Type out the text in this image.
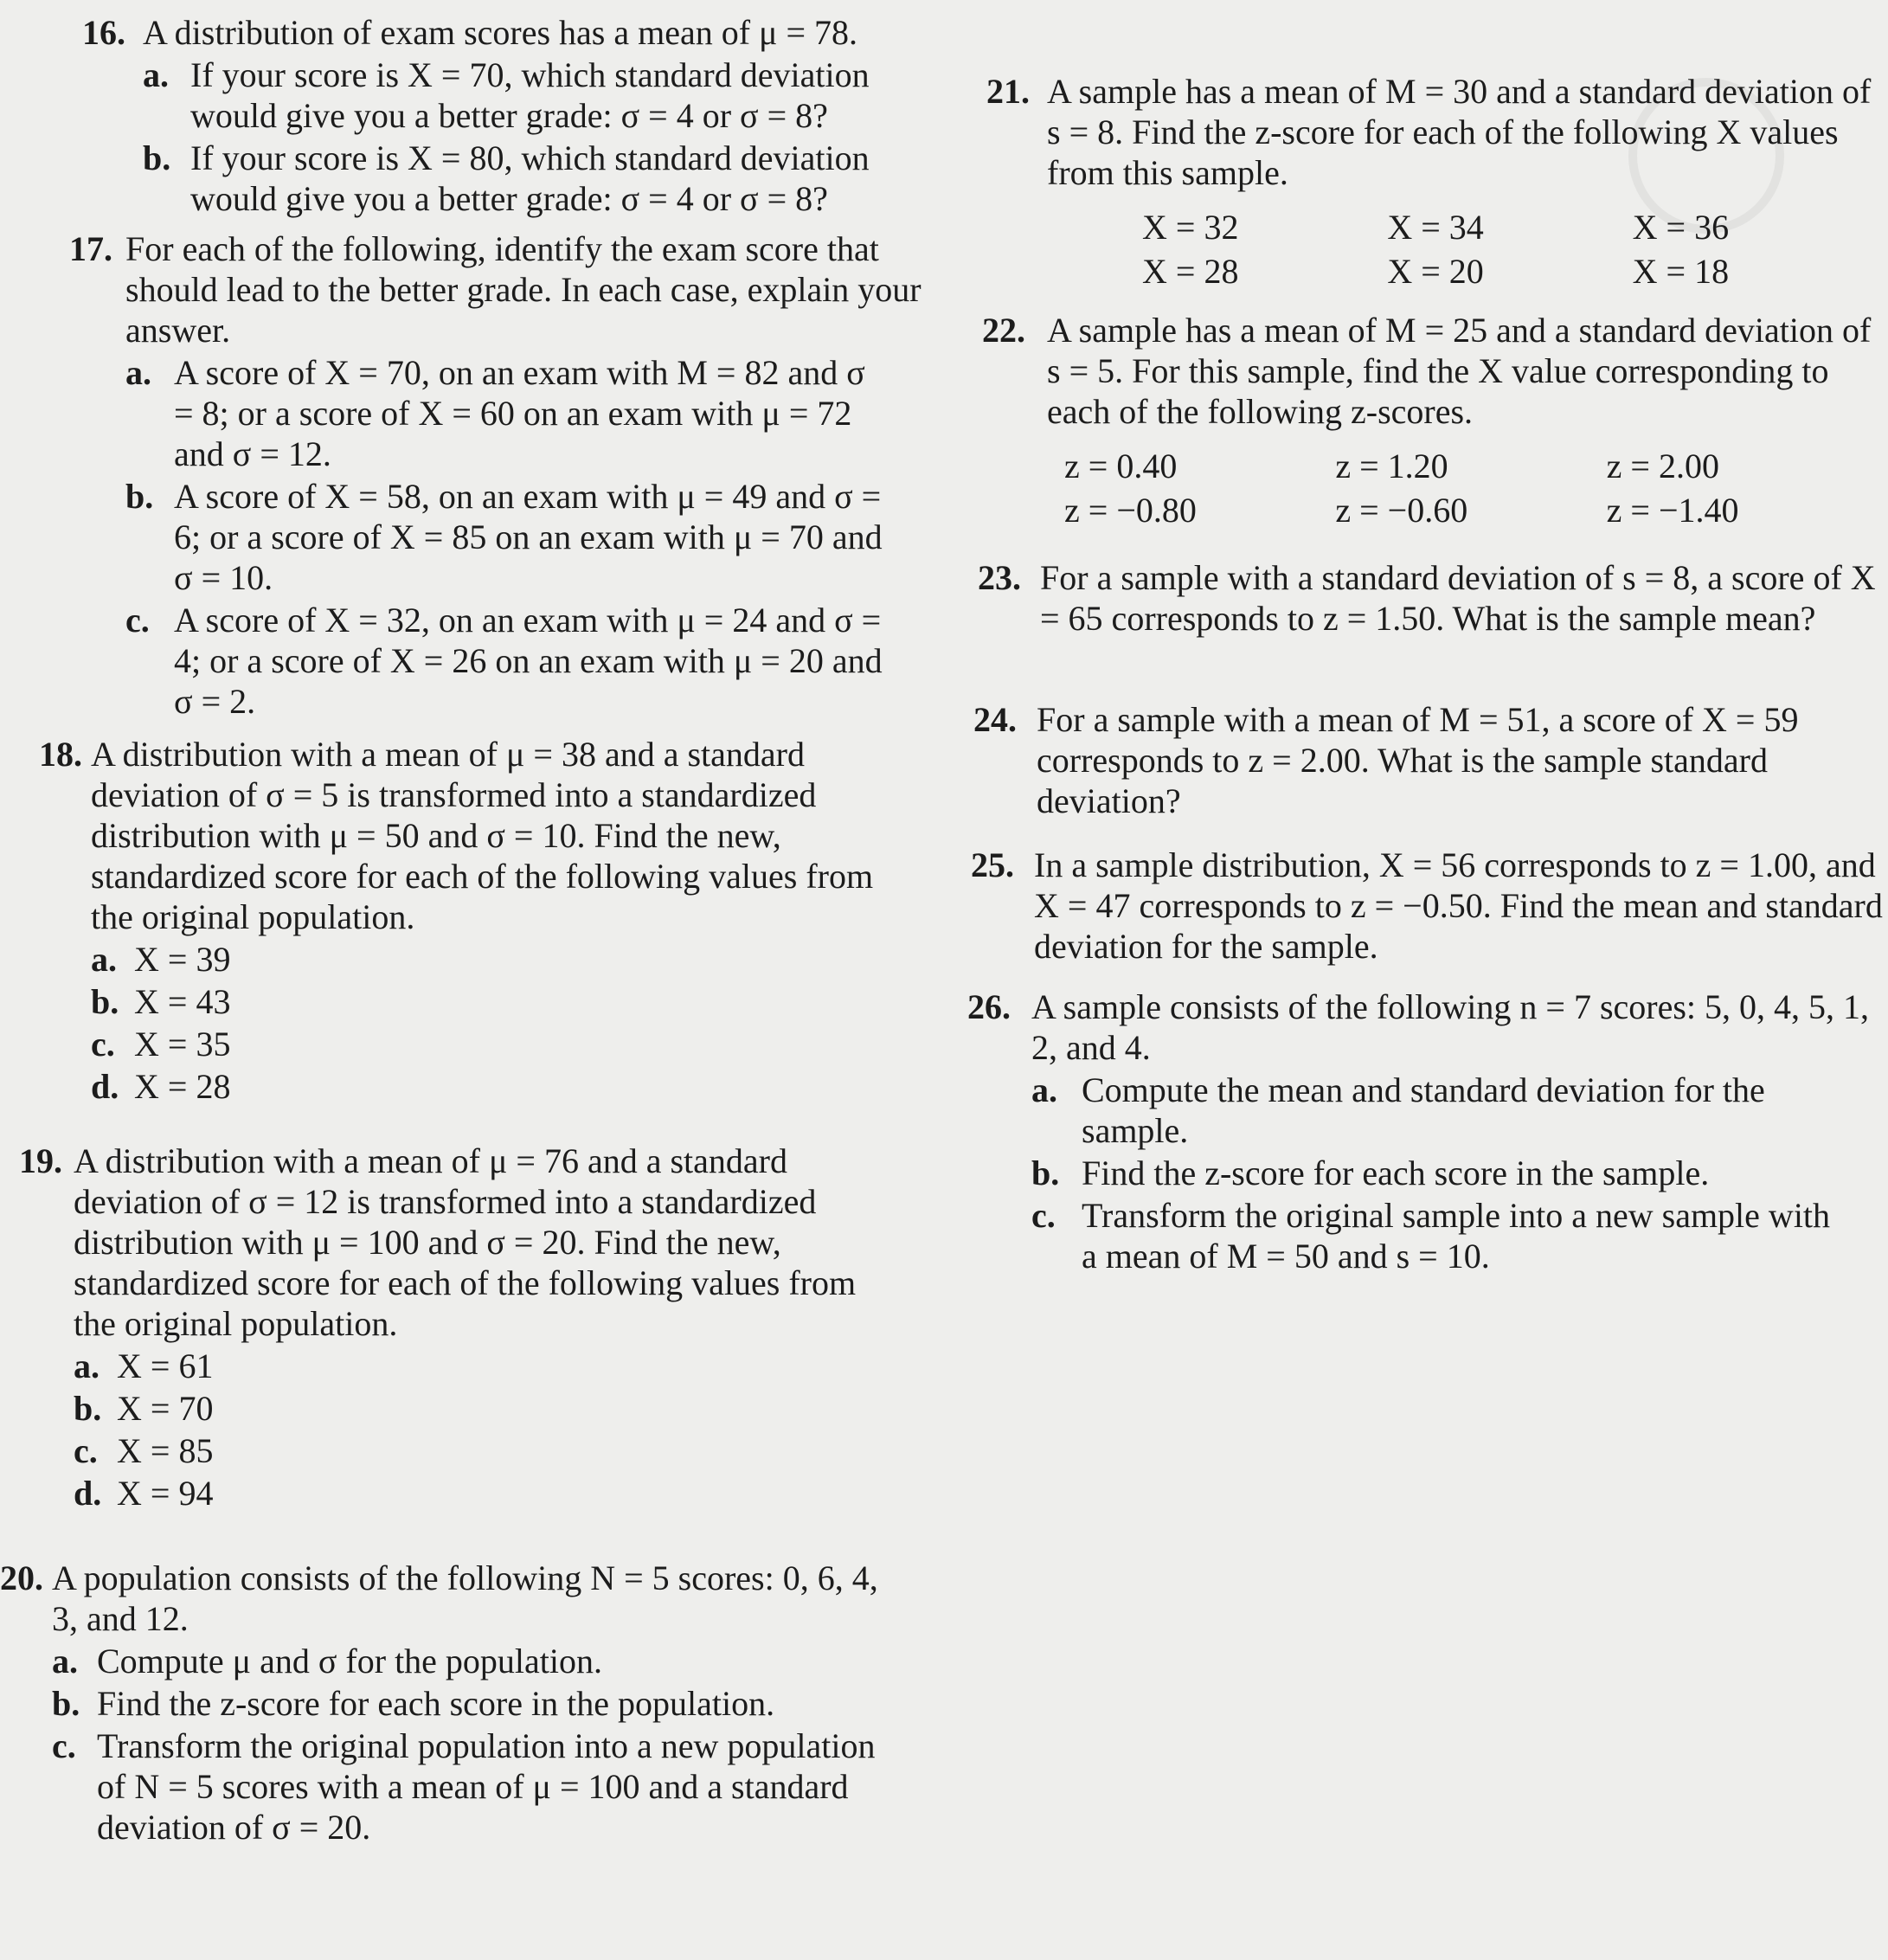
16. A distribution of exam scores has a mean of μ = 78.
a. If your score is X = 70, which standard deviation would give you a better grade: σ = 4 or σ = 8?
b. If your score is X = 80, which standard deviation would give you a better grade: σ = 4 or σ = 8?
17. For each of the following, identify the exam score that should lead to the better grade. In each case, explain your answer.
a. A score of X = 70, on an exam with M = 82 and σ = 8; or a score of X = 60 on an exam with μ = 72 and σ = 12.
b. A score of X = 58, on an exam with μ = 49 and σ = 6; or a score of X = 85 on an exam with μ = 70 and σ = 10.
c. A score of X = 32, on an exam with μ = 24 and σ = 4; or a score of X = 26 on an exam with μ = 20 and σ = 2.
18. A distribution with a mean of μ = 38 and a standard deviation of σ = 5 is transformed into a standardized distribution with μ = 50 and σ = 10. Find the new, standardized score for each of the following values from the original population.
a. X = 39
b. X = 43
c. X = 35
d. X = 28
19. A distribution with a mean of μ = 76 and a standard deviation of σ = 12 is transformed into a standardized distribution with μ = 100 and σ = 20. Find the new, standardized score for each of the following values from the original population.
a. X = 61
b. X = 70
c. X = 85
d. X = 94
20. A population consists of the following N = 5 scores: 0, 6, 4, 3, and 12.
a. Compute μ and σ for the population.
b. Find the z-score for each score in the population.
c. Transform the original population into a new population of N = 5 scores with a mean of μ = 100 and a standard deviation of σ = 20.
21. A sample has a mean of M = 30 and a standard deviation of s = 8. Find the z-score for each of the following X values from this sample.
X = 32	X = 34	X = 36
X = 28	X = 20	X = 18
22. A sample has a mean of M = 25 and a standard deviation of s = 5. For this sample, find the X value corresponding to each of the following z-scores.
z = 0.40	z = 1.20	z = 2.00
z = −0.80	z = −0.60	z = −1.40
23. For a sample with a standard deviation of s = 8, a score of X = 65 corresponds to z = 1.50. What is the sample mean?
24. For a sample with a mean of M = 51, a score of X = 59 corresponds to z = 2.00. What is the sample standard deviation?
25. In a sample distribution, X = 56 corresponds to z = 1.00, and X = 47 corresponds to z = −0.50. Find the mean and standard deviation for the sample.
26. A sample consists of the following n = 7 scores: 5, 0, 4, 5, 1, 2, and 4.
a. Compute the mean and standard deviation for the sample.
b. Find the z-score for each score in the sample.
c. Transform the original sample into a new sample with a mean of M = 50 and s = 10.
